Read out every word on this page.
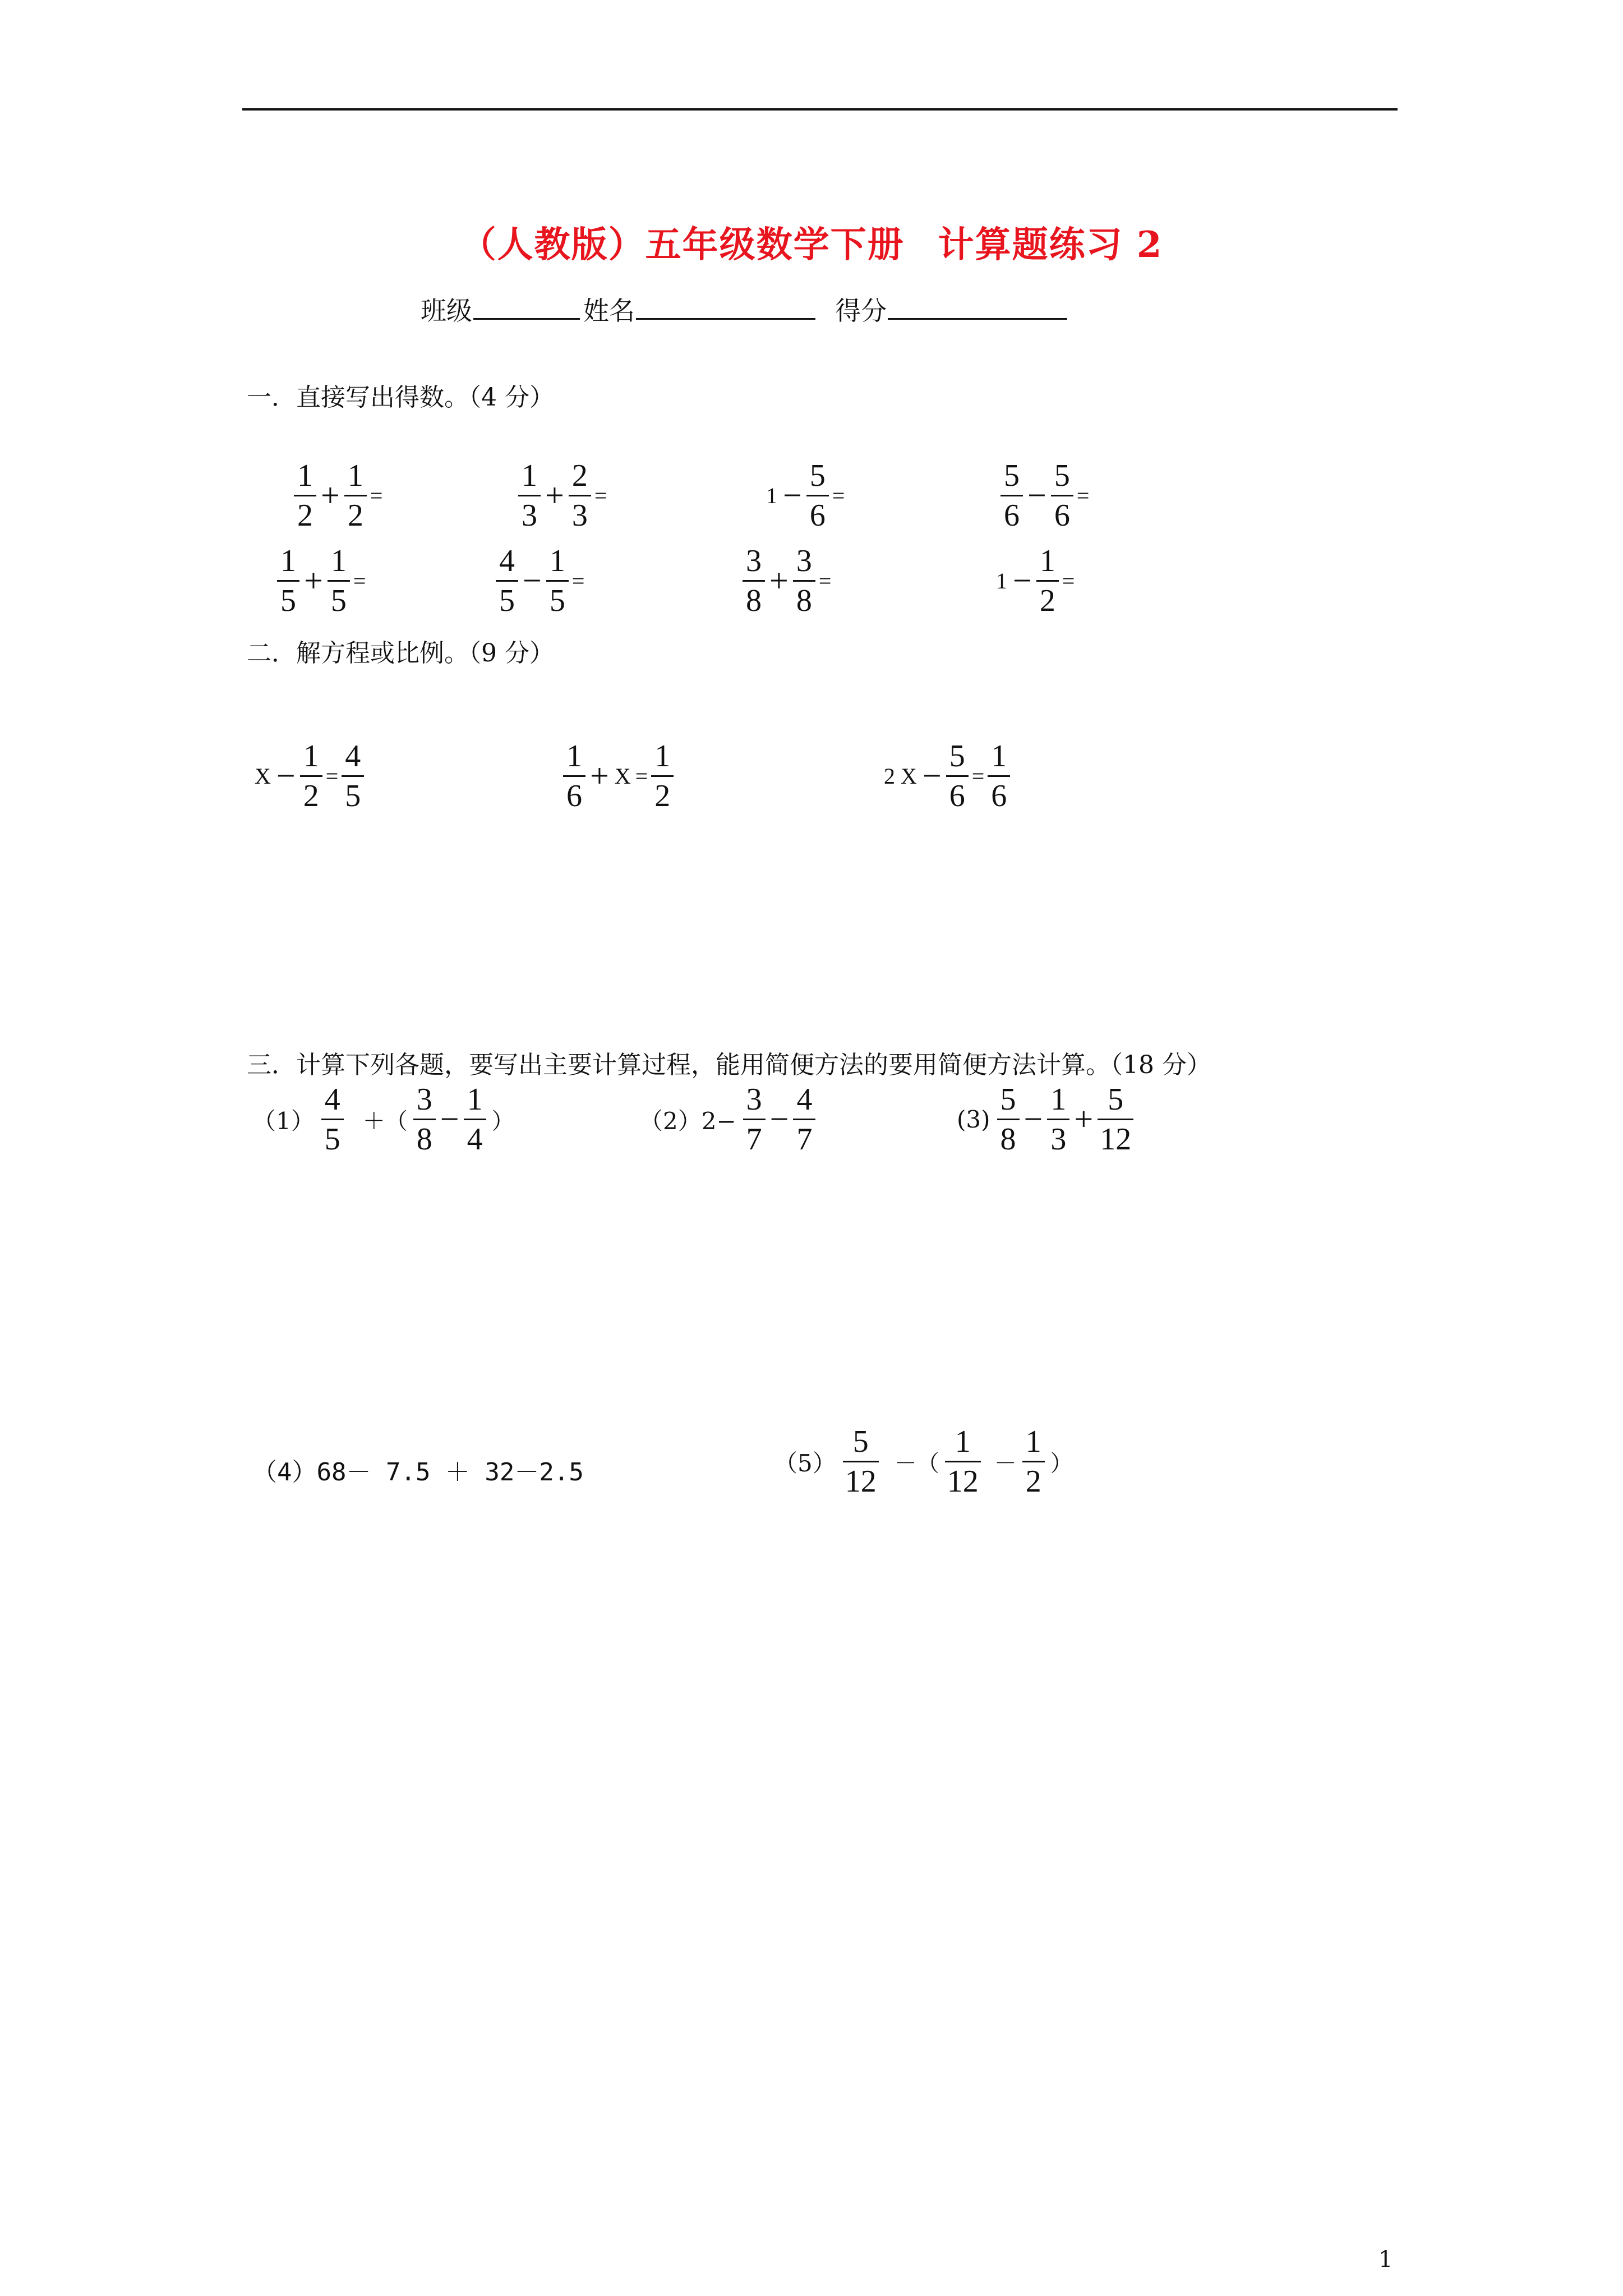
（人教版）五年级数学下册 计算题练习 2
班级	姓名	得分
一．直接写出得数。（4 分）
$\frac{1}{2} + \frac{1}{2}$ =	$\frac{1}{3} + \frac{2}{3}$ =	$1 - \frac{5}{6}$ =	$\frac{5}{6} - \frac{5}{6}$ =
$\frac{1}{5} + \frac{1}{5}$ =	$\frac{4}{5} - \frac{1}{5}$ =	$\frac{3}{8} + \frac{3}{8}$ =	$1 - \frac{1}{2}$ =
二．解方程或比例。（9 分）
$X - \frac{1}{2} = \frac{4}{5}$	$\frac{1}{6} + X = \frac{1}{2}$	2 $X - \frac{5}{6} = \frac{1}{6}$
三．计算下列各题，要写出主要计算过程，能用简便方法的要用简便方法计算。（18 分）
$(1) \frac{4}{5}$ ＋（ $\frac{3}{8} - \frac{1}{4}$ ）	$(2)2- \frac{3}{7} - \frac{4}{7}$	$(3) \frac{5}{8} - \frac{1}{3} + \frac{5}{12}$
（4）68－ 7.5 ＋ 32－2.5	$(5) \frac{5}{12}$ －（ $\frac{1}{12} - \frac{1}{2}$ ）
1
